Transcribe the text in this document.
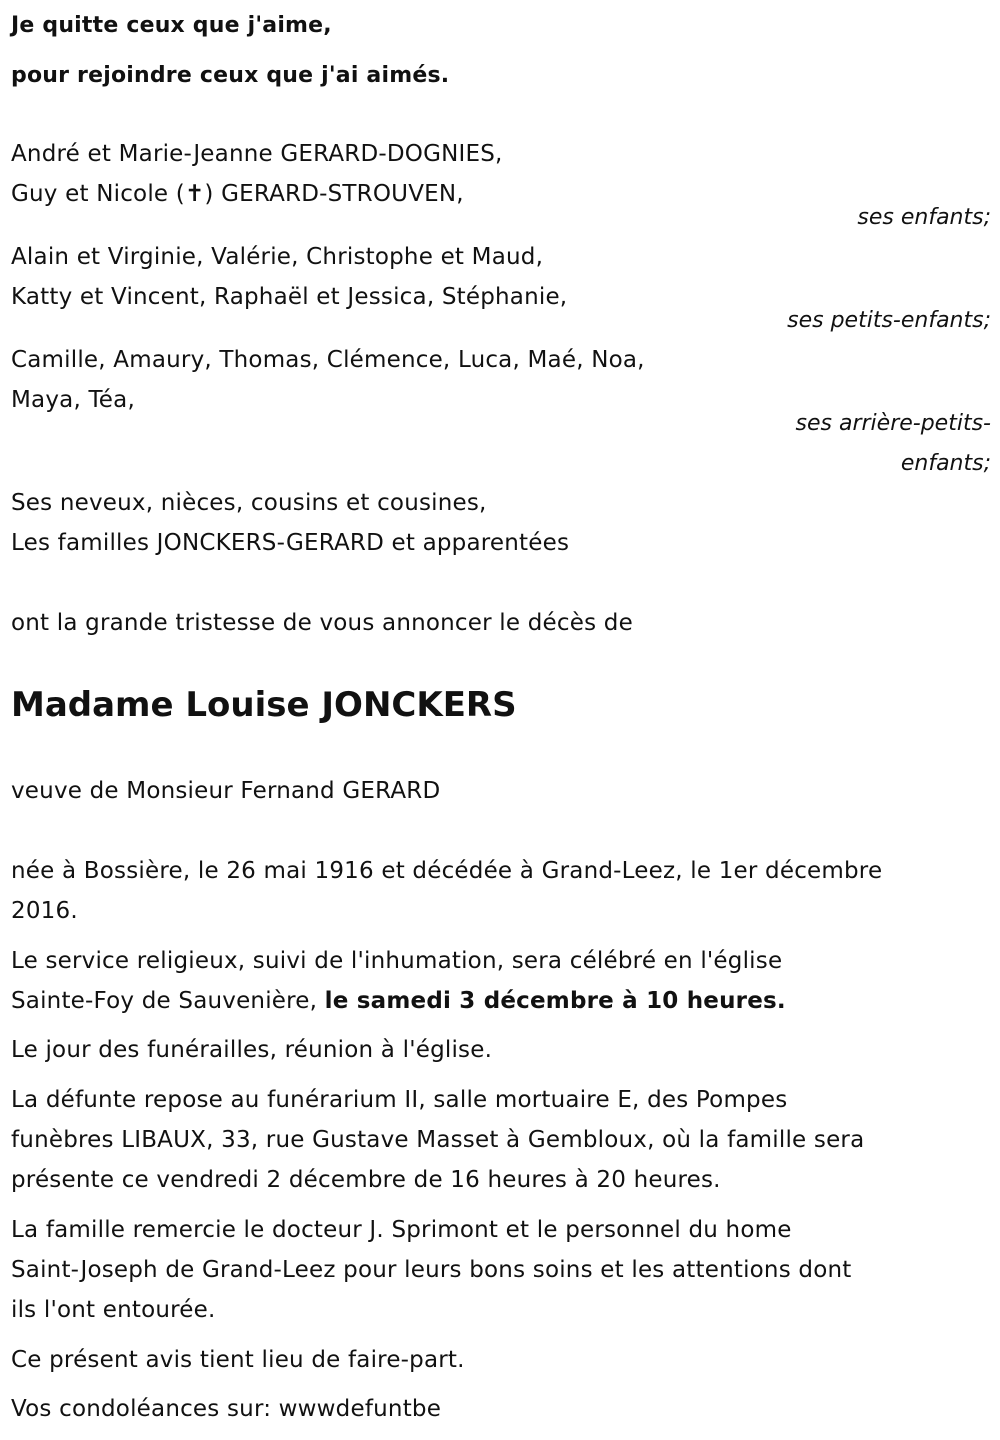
Je quitte ceux que j'aime,
pour rejoindre ceux que j'ai aimés.
André et Marie-Jeanne GERARD-DOGNIES,
Guy et Nicole (✝) GERARD-STROUVEN,
ses enfants;
Alain et Virginie, Valérie, Christophe et Maud,
Katty et Vincent, Raphaël et Jessica, Stéphanie,
ses petits-enfants;
Camille, Amaury, Thomas, Clémence, Luca, Maé, Noa,
Maya, Téa,
ses arrière-petits-
enfants;
Ses neveux, nièces, cousins et cousines,
Les familles JONCKERS-GERARD et apparentées
ont la grande tristesse de vous annoncer le décès de
Madame Louise JONCKERS
veuve de Monsieur Fernand GERARD
née à Bossière, le 26 mai 1916 et décédée à Grand-Leez, le 1er décembre
2016.
Le service religieux, suivi de l'inhumation, sera célébré en l'église
Sainte-Foy de Sauvenière, le samedi 3 décembre à 10 heures.
Le jour des funérailles, réunion à l'église.
La défunte repose au funérarium II, salle mortuaire E, des Pompes
funèbres LIBAUX, 33, rue Gustave Masset à Gembloux, où la famille sera
présente ce vendredi 2 décembre de 16 heures à 20 heures.
La famille remercie le docteur J. Sprimont et le personnel du home
Saint-Joseph de Grand-Leez pour leurs bons soins et les attentions dont
ils l'ont entourée.
Ce présent avis tient lieu de faire-part.
Vos condoléances sur: wwwdefuntbe
